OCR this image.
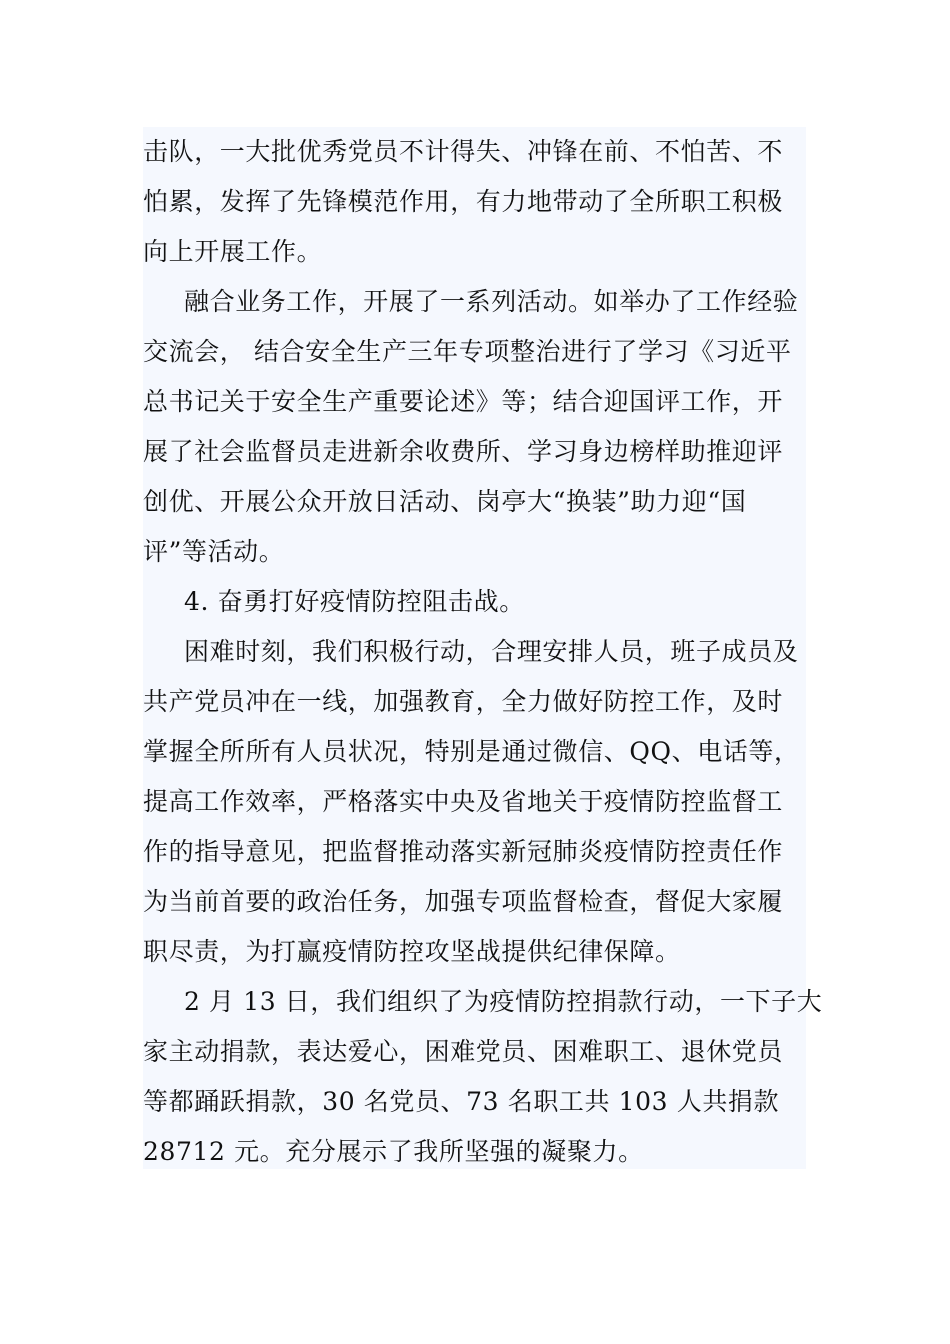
击队，一大批优秀党员不计得失、冲锋在前、不怕苦、不
怕累，发挥了先锋模范作用，有力地带动了全所职工积极
向上开展工作。
融合业务工作，开展了一系列活动。如举办了工作经验
交流会， 结合安全生产三年专项整治进行了学习《习近平
总书记关于安全生产重要论述》等；结合迎国评工作，开
展了社会监督员走进新余收费所、学习身边榜样助推迎评
创优、开展公众开放日活动、岗亭大“换装”助力迎“国
评”等活动。
4. 奋勇打好疫情防控阻击战。
困难时刻，我们积极行动，合理安排人员，班子成员及
共产党员冲在一线，加强教育，全力做好防控工作，及时
掌握全所所有人员状况，特别是通过微信、QQ、电话等，
提高工作效率，严格落实中央及省地关于疫情防控监督工
作的指导意见，把监督推动落实新冠肺炎疫情防控责任作
为当前首要的政治任务，加强专项监督检查，督促大家履
职尽责，为打赢疫情防控攻坚战提供纪律保障。
2 月 13 日，我们组织了为疫情防控捐款行动，一下子大
家主动捐款，表达爱心，困难党员、困难职工、退休党员
等都踊跃捐款，30 名党员、73 名职工共 103 人共捐款
28712 元。充分展示了我所坚强的凝聚力。
